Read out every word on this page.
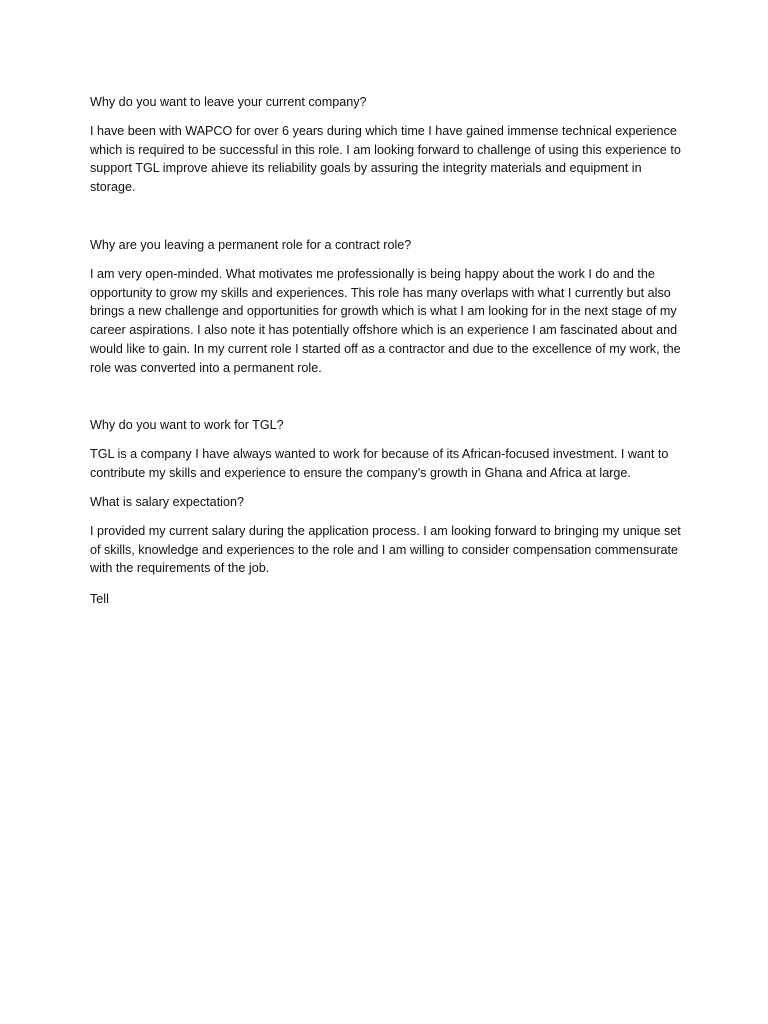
Why do you want to leave your current company?

I have been with WAPCO for over 6 years during which time I have gained immense technical experience which is required to be successful in this role. I am looking forward to challenge of using this experience to support TGL improve ahieve its reliability goals by assuring the integrity materials and equipment in storage.

Why are you leaving a permanent role for a contract role?

I am very open-minded. What motivates me professionally is being happy about the work I do and the opportunity to grow my skills and experiences. This role has many overlaps with what I currently but also brings a new challenge and opportunities for growth which is what I am looking for in the next stage of my career aspirations. I also note it has potentially offshore which is an experience I am fascinated about and would like to gain. In my current role I started off as a contractor and due to the excellence of my work, the role was converted into a permanent role.

Why do you want to work for TGL?

TGL is a company I have always wanted to work for because of its African-focused investment. I want to contribute my skills and experience to ensure the company’s growth in Ghana and Africa at large.

What is salary expectation?

I provided my current salary during the application process. I am looking forward to bringing my unique set of skills, knowledge and experiences to the role and I am willing to consider compensation commensurate with the requirements of the job.

Tell
